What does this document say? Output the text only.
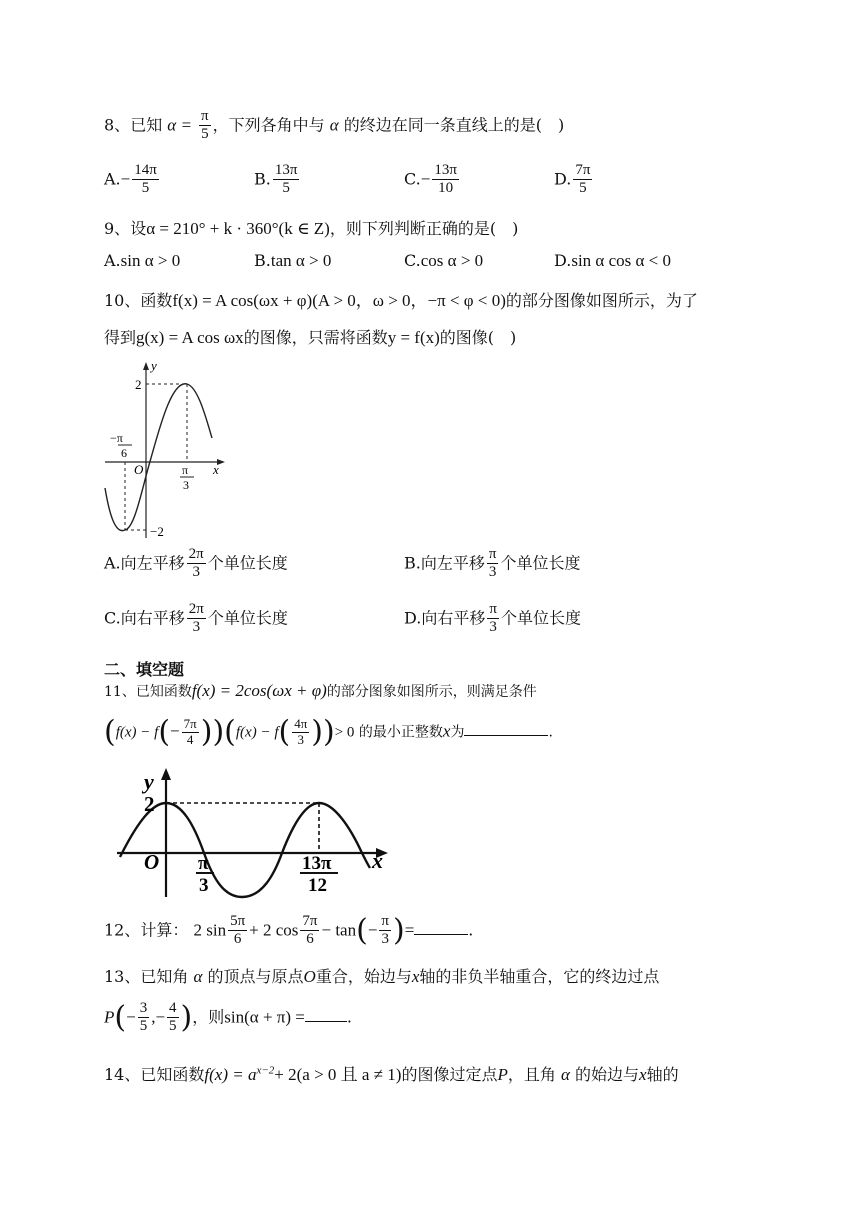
8、已知 $\alpha = \frac{\pi}{5}$ ，下列各角中与 α 的终边在同一条直线上的是(　)
$A.- \frac{14\pi}{5}$	B. $\frac{13\pi}{5}$	$C.- \frac{13\pi}{10}$	D. $\frac{7\pi}{5}$
9、设α = 210° + k · 360°(k ∈ Z)，则下列判断正确的是(　)
A.sin α > 0	B.tan α > 0	C.cos α > 0	D.sin α cos α < 0
10、函数f(x) = A cos(ωx + φ)(A > 0，ω > 0，−π < φ < 0)的部分图像如图所示，为了
得到g(x) = A cos ωx的图像，只需将函数y = f(x)的图像(　)
y
x
O
2
−2
−π
6
π
3
A.向左平移 $\frac{2\pi}{3}$ 个单位长度	B.向左平移 $\frac{\pi}{3}$ 个单位长度
C.向右平移 $\frac{2\pi}{3}$ 个单位长度	D.向右平移 $\frac{\pi}{3}$ 个单位长度
二、填空题
11、已知函数f(x) = 2cos(ωx + φ)的部分图象如图所示，则满足条件
$(f(x) - f(- \frac{7\pi}{4} ))(f(x) - f( \frac{4\pi}{3}$ ))> 0 的最小正整数x为	.
y
x
O
2
π
3
13π
12
12、计算： 2 $\sin \frac{5\pi}{6} + 2$ $\cos \frac{7\pi}{6} - \tan(- \frac{\pi}{3}$ )=	.
13、已知角 α 的顶点与原点O重合，始边与x轴的非负半轴重合，它的终边过点
$P(- \frac{3}{5}$ ,− $\frac{4}{5}$ )，则sin(α + π) =	.
14、已知函数$f(x) = a^{x-2}+ 2(a > 0$ 且 a ≠ 1)的图像过定点P，且角 α 的始边与x轴的
